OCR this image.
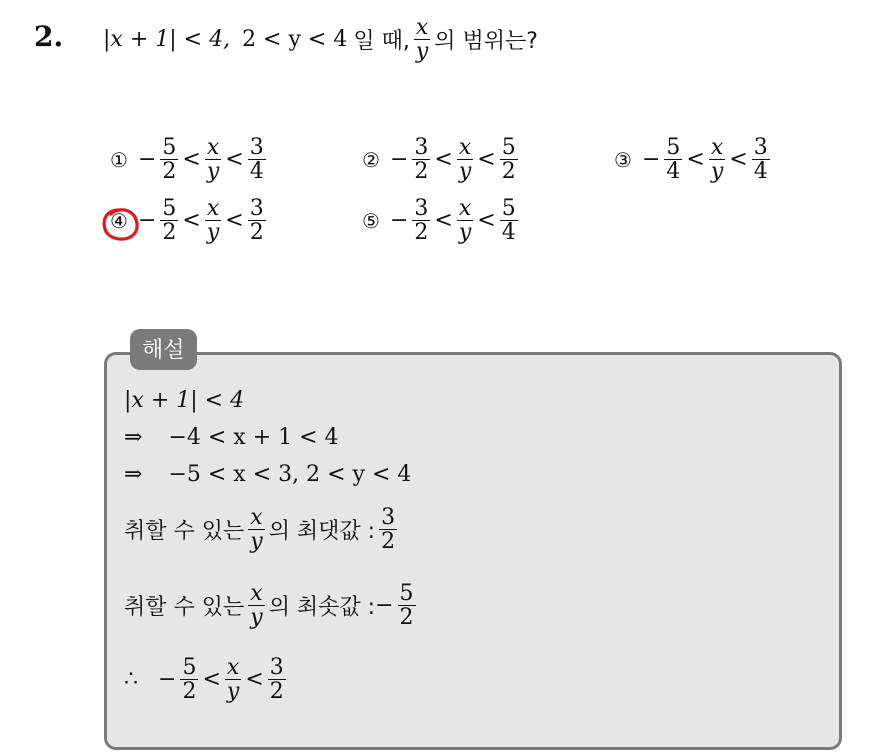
2. |x + 1| < 4, 2 < y < 4 일 때, $\frac{x}{y}$ 의 범위는?
① − $\frac{5}{2} < \frac{x}{y} < \frac{3}{4}$	② − $\frac{3}{2} < \frac{x}{y} < \frac{5}{2}$	③ − $\frac{5}{4} < \frac{x}{y} < \frac{3}{4}$
④ − $\frac{5}{2} < \frac{x}{y} < \frac{3}{2}$	⑤ − $\frac{3}{2} < \frac{x}{y} < \frac{5}{4}$
해설
|x + 1| < 4
⇒ −4 < x + 1 < 4
⇒ −5 < x < 3, 2 < y < 4
취할 수 있는 $\frac{x}{y}$ 의 최댓값 : $\frac{3}{2}$
취할 수 있는 $\frac{x}{y}$ 의 최솟값 : − $\frac{5}{2}$
∴ − $\frac{5}{2} < \frac{x}{y} < \frac{3}{2}$
